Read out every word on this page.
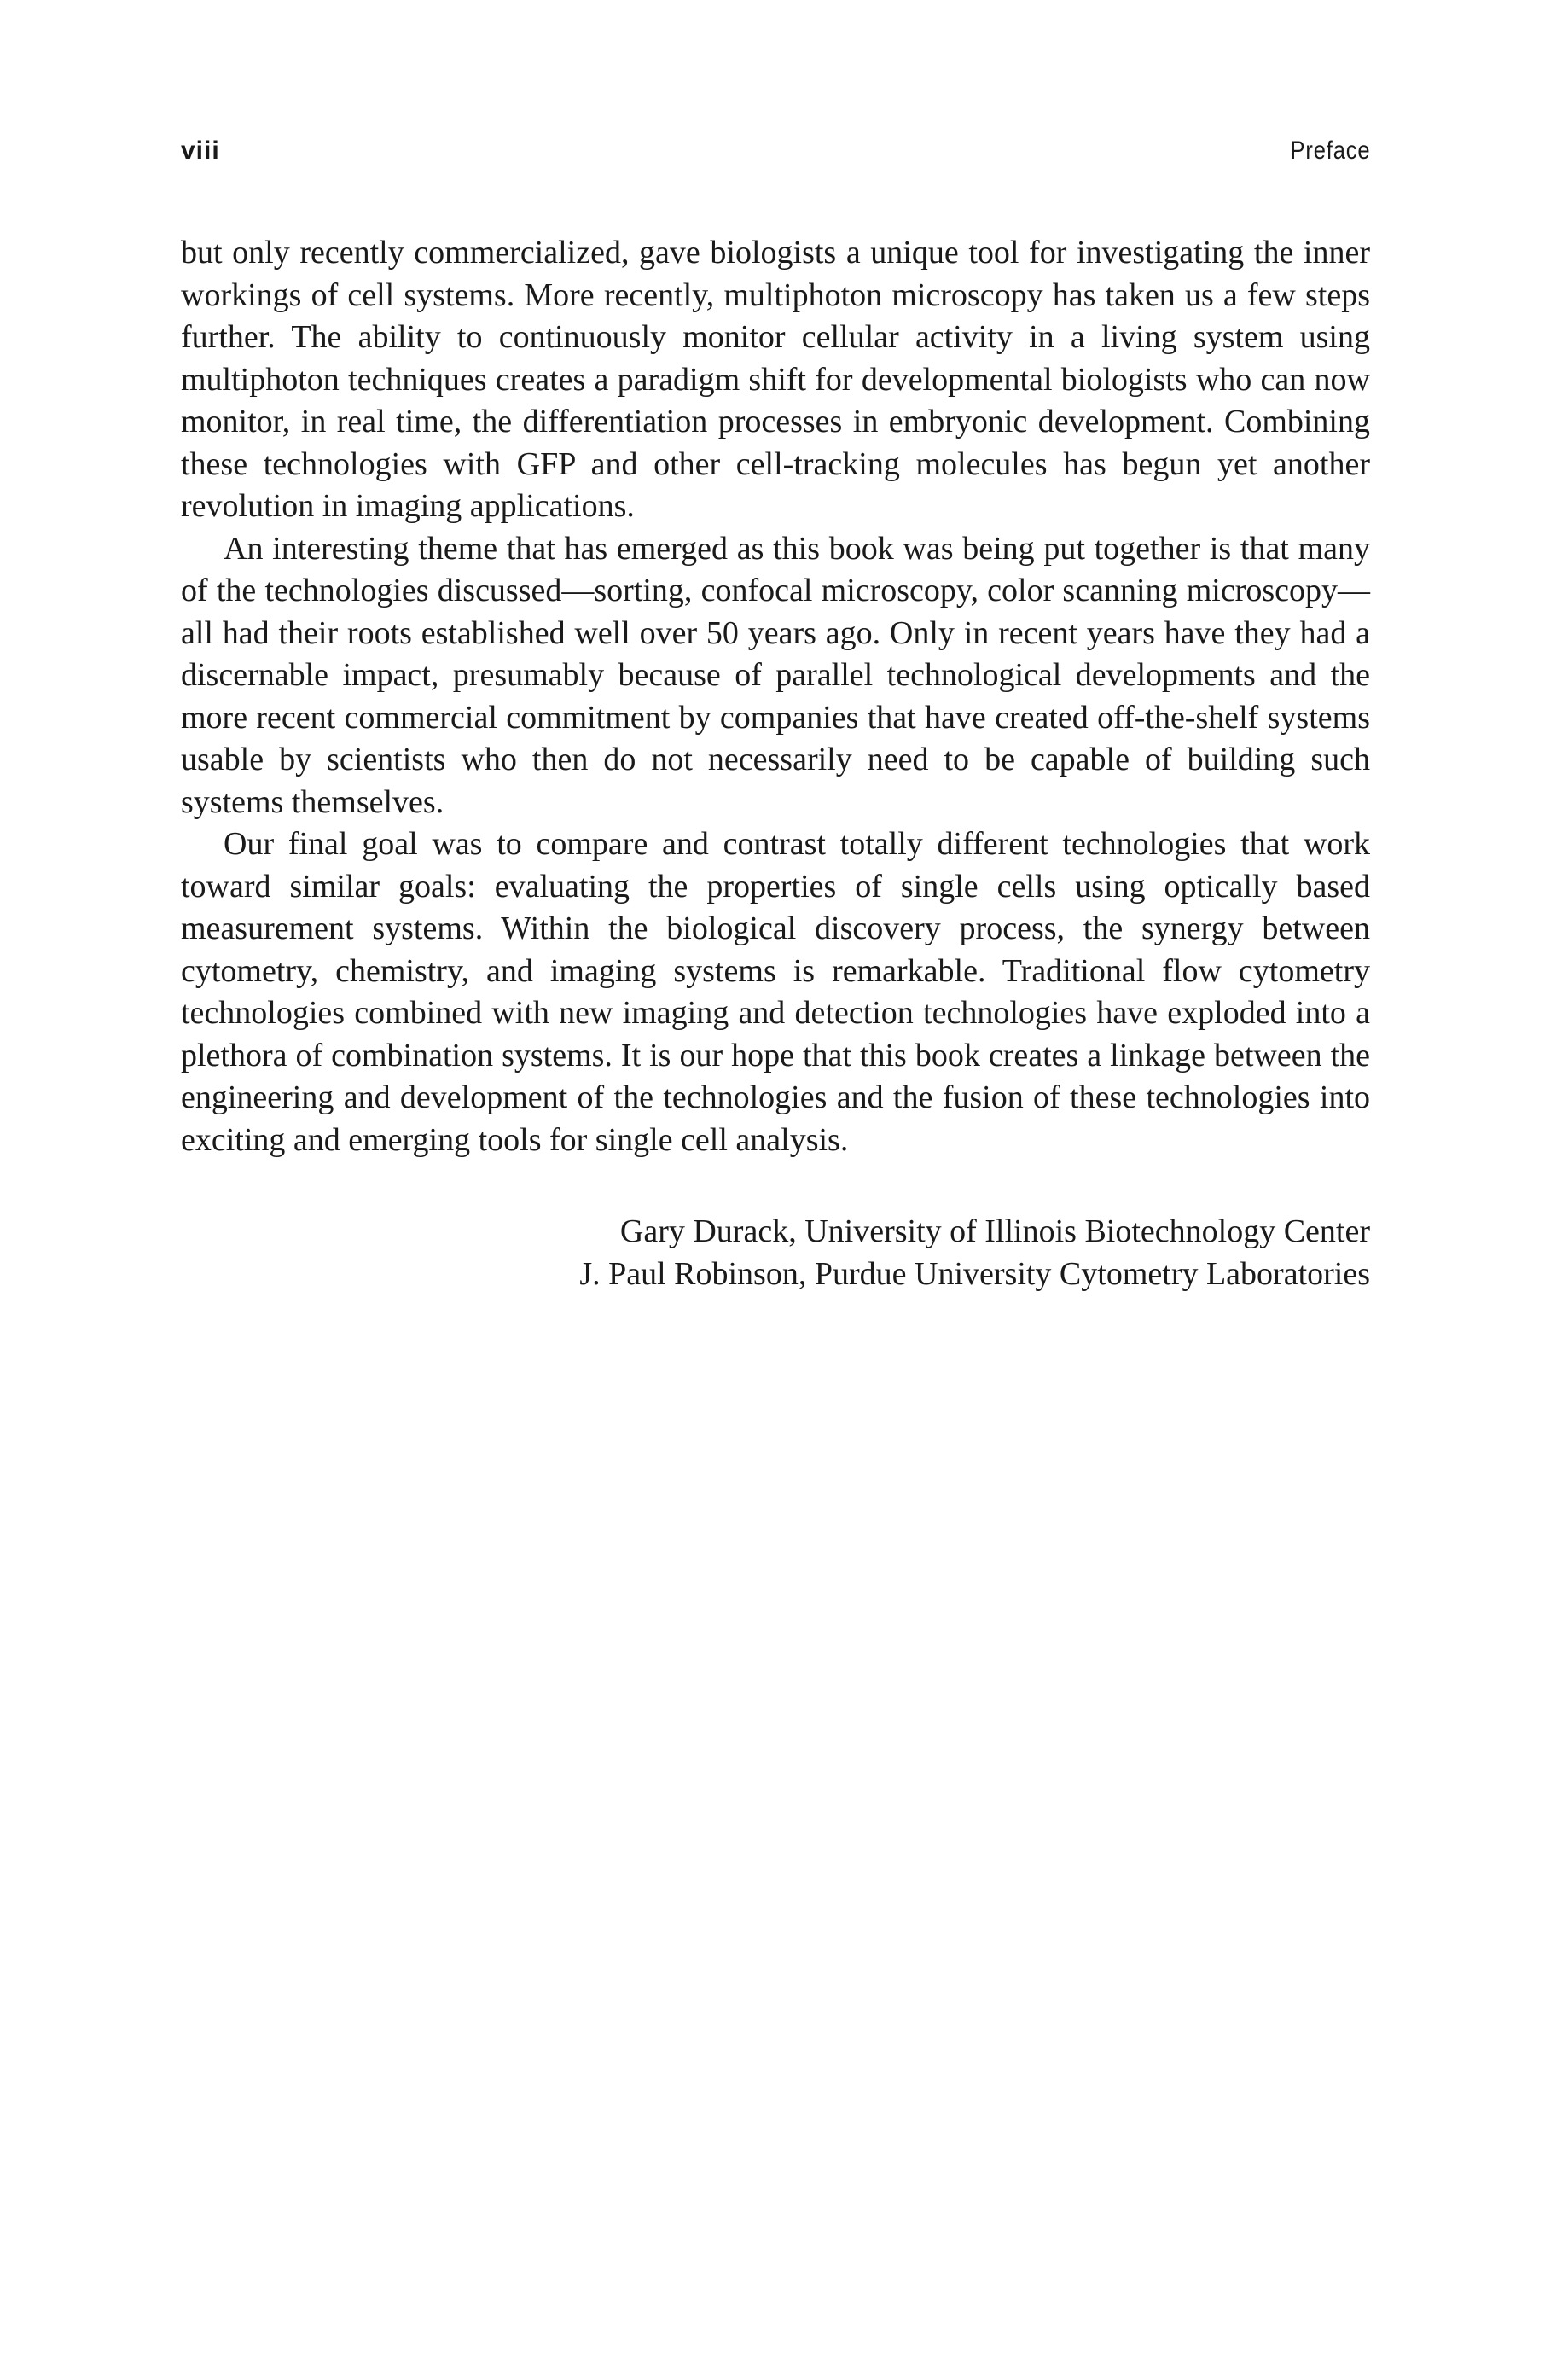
viii	Preface

but only recently commercialized, gave biologists a unique tool for investigating the inner workings of cell systems. More recently, multiphoton microscopy has taken us a few steps further. The ability to continuously monitor cellular activity in a living system using multiphoton techniques creates a paradigm shift for developmental biologists who can now monitor, in real time, the differentiation processes in embryonic development. Combining these technologies with GFP and other cell-tracking molecules has begun yet another revolution in imaging applications.

An interesting theme that has emerged as this book was being put together is that many of the technologies discussed—sorting, confocal microscopy, color scanning microscopy—all had their roots established well over 50 years ago. Only in recent years have they had a discernable impact, presumably because of parallel technological developments and the more recent commercial commitment by companies that have created off-the-shelf systems usable by scientists who then do not necessarily need to be capable of building such systems themselves.

Our final goal was to compare and contrast totally different technologies that work toward similar goals: evaluating the properties of single cells using optically based measurement systems. Within the biological discovery process, the synergy between cytometry, chemistry, and imaging systems is remarkable. Traditional flow cytometry technologies combined with new imaging and detection technologies have exploded into a plethora of combination systems. It is our hope that this book creates a linkage between the engineering and development of the technologies and the fusion of these technologies into exciting and emerging tools for single cell analysis.

Gary Durack, University of Illinois Biotechnology Center
J. Paul Robinson, Purdue University Cytometry Laboratories
